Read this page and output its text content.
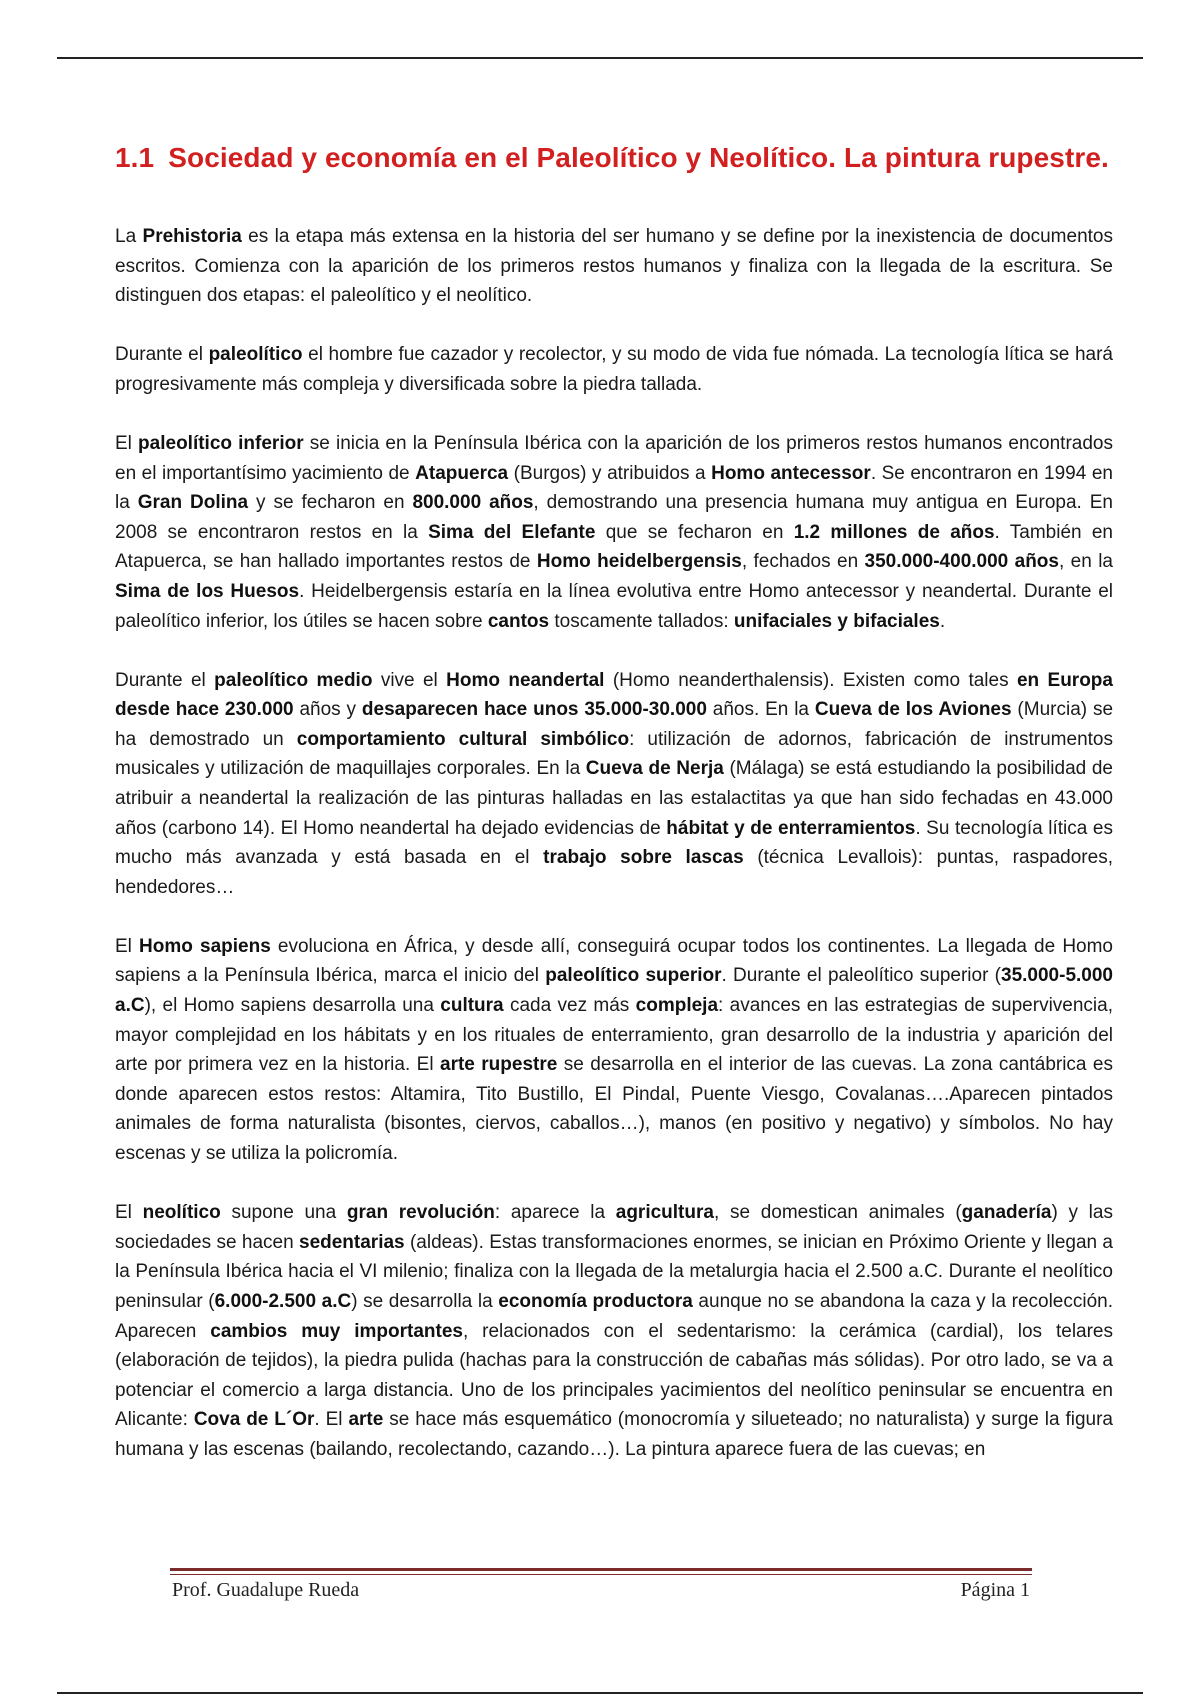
1.1 Sociedad y economía en el Paleolítico y Neolítico. La pintura rupestre.

La Prehistoria es la etapa más extensa en la historia del ser humano y se define por la inexistencia de documentos escritos. Comienza con la aparición de los primeros restos humanos y finaliza con la llegada de la escritura. Se distinguen dos etapas: el paleolítico y el neolítico.

Durante el paleolítico el hombre fue cazador y recolector, y su modo de vida fue nómada. La tecnología lítica se hará progresivamente más compleja y diversificada sobre la piedra tallada.

El paleolítico inferior se inicia en la Península Ibérica con la aparición de los primeros restos humanos encontrados en el importantísimo yacimiento de Atapuerca (Burgos) y atribuidos a Homo antecessor. Se encontraron en 1994 en la Gran Dolina y se fecharon en 800.000 años, demostrando una presencia humana muy antigua en Europa. En 2008 se encontraron restos en la Sima del Elefante que se fecharon en 1.2 millones de años. También en Atapuerca, se han hallado importantes restos de Homo heidelbergensis, fechados en 350.000-400.000 años, en la Sima de los Huesos. Heidelbergensis estaría en la línea evolutiva entre Homo antecessor y neandertal. Durante el paleolítico inferior, los útiles se hacen sobre cantos toscamente tallados: unifaciales y bifaciales.

Durante el paleolítico medio vive el Homo neandertal (Homo neanderthalensis). Existen como tales en Europa desde hace 230.000 años y desaparecen hace unos 35.000-30.000 años. En la Cueva de los Aviones (Murcia) se ha demostrado un comportamiento cultural simbólico: utilización de adornos, fabricación de instrumentos musicales y utilización de maquillajes corporales. En la Cueva de Nerja (Málaga) se está estudiando la posibilidad de atribuir a neandertal la realización de las pinturas halladas en las estalactitas ya que han sido fechadas en 43.000 años (carbono 14). El Homo neandertal ha dejado evidencias de hábitat y de enterramientos. Su tecnología lítica es mucho más avanzada y está basada en el trabajo sobre lascas (técnica Levallois): puntas, raspadores, hendedores…

El Homo sapiens evoluciona en África, y desde allí, conseguirá ocupar todos los continentes. La llegada de Homo sapiens a la Península Ibérica, marca el inicio del paleolítico superior. Durante el paleolítico superior (35.000-5.000 a.C), el Homo sapiens desarrolla una cultura cada vez más compleja: avances en las estrategias de supervivencia, mayor complejidad en los hábitats y en los rituales de enterramiento, gran desarrollo de la industria y aparición del arte por primera vez en la historia. El arte rupestre se desarrolla en el interior de las cuevas. La zona cantábrica es donde aparecen estos restos: Altamira, Tito Bustillo, El Pindal, Puente Viesgo, Covalanas….Aparecen pintados animales de forma naturalista (bisontes, ciervos, caballos…), manos (en positivo y negativo) y símbolos. No hay escenas y se utiliza la policromía.

El neolítico supone una gran revolución: aparece la agricultura, se domestican animales (ganadería) y las sociedades se hacen sedentarias (aldeas). Estas transformaciones enormes, se inician en Próximo Oriente y llegan a la Península Ibérica hacia el VI milenio; finaliza con la llegada de la metalurgia hacia el 2.500 a.C. Durante el neolítico peninsular (6.000-2.500 a.C) se desarrolla la economía productora aunque no se abandona la caza y la recolección. Aparecen cambios muy importantes, relacionados con el sedentarismo: la cerámica (cardial), los telares (elaboración de tejidos), la piedra pulida (hachas para la construcción de cabañas más sólidas). Por otro lado, se va a potenciar el comercio a larga distancia. Uno de los principales yacimientos del neolítico peninsular se encuentra en Alicante: Cova de L´Or. El arte se hace más esquemático (monocromía y silueteado; no naturalista) y surge la figura humana y las escenas (bailando, recolectando, cazando…). La pintura aparece fuera de las cuevas; en

Prof. Guadalupe Rueda	Página 1
